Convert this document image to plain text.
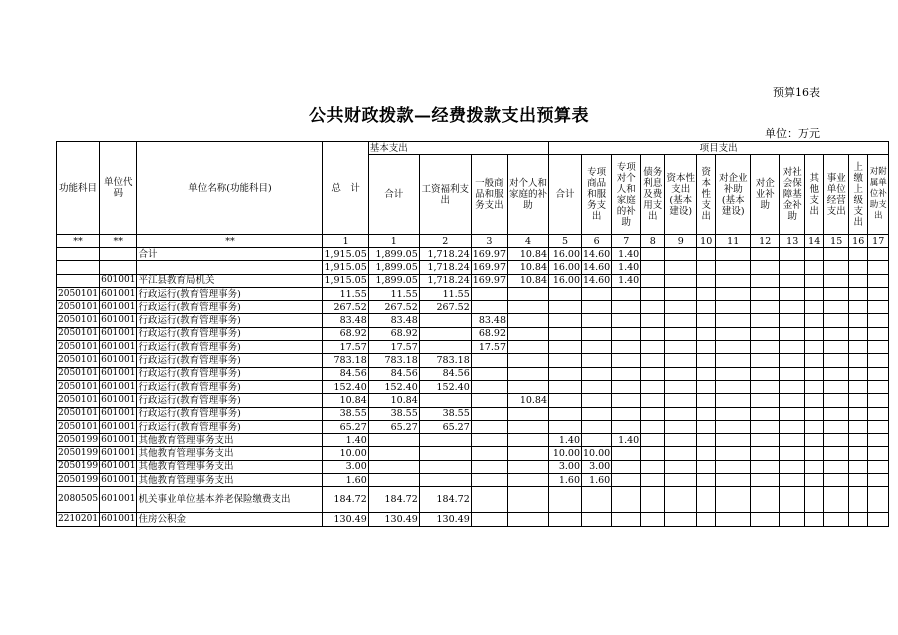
预算16表
公共财政拨款—经费拨款支出预算表
单位：万元
功能科目	单位代码	单位名称(功能科目)	总　计	基本支出				项目支出												
				合计	工资福利支出	一般商品和服务支出	对个人和家庭的补助	合计	专项商品和服务支出	专项对个人和家庭的补助	债务利息及费用支出	资本性支出(基本建设)	资本性支出	对企业补助(基本建设)	对企业补助	对社会保障基金补助	其他支出	事业单位经营支出	上缴上级支出	对附属单位补助支出
**	**	**	1	1	2	3	4	5	6	7	8	9	10	11	12	13	14	15	16	17
		合计	1,915.05	1,899.05	1,718.24	169.97	10.84	16.00	14.60	1.40										
			1,915.05	1,899.05	1,718.24	169.97	10.84	16.00	14.60	1.40										
	601001	平江县教育局机关	1,915.05	1,899.05	1,718.24	169.97	10.84	16.00	14.60	1.40										
2050101	601001	行政运行(教育管理事务)	11.55	11.55	11.55															
2050101	601001	行政运行(教育管理事务)	267.52	267.52	267.52															
2050101	601001	行政运行(教育管理事务)	83.48	83.48		83.48														
2050101	601001	行政运行(教育管理事务)	68.92	68.92		68.92														
2050101	601001	行政运行(教育管理事务)	17.57	17.57		17.57														
2050101	601001	行政运行(教育管理事务)	783.18	783.18	783.18															
2050101	601001	行政运行(教育管理事务)	84.56	84.56	84.56															
2050101	601001	行政运行(教育管理事务)	152.40	152.40	152.40															
2050101	601001	行政运行(教育管理事务)	10.84	10.84			10.84													
2050101	601001	行政运行(教育管理事务)	38.55	38.55	38.55															
2050101	601001	行政运行(教育管理事务)	65.27	65.27	65.27															
2050199	601001	其他教育管理事务支出	1.40					1.40		1.40										
2050199	601001	其他教育管理事务支出	10.00					10.00	10.00											
2050199	601001	其他教育管理事务支出	3.00					3.00	3.00											
2050199	601001	其他教育管理事务支出	1.60					1.60	1.60											
2080505	601001	机关事业单位基本养老保险缴费支出	184.72	184.72	184.72															
2210201	601001	住房公积金	130.49	130.49	130.49															
